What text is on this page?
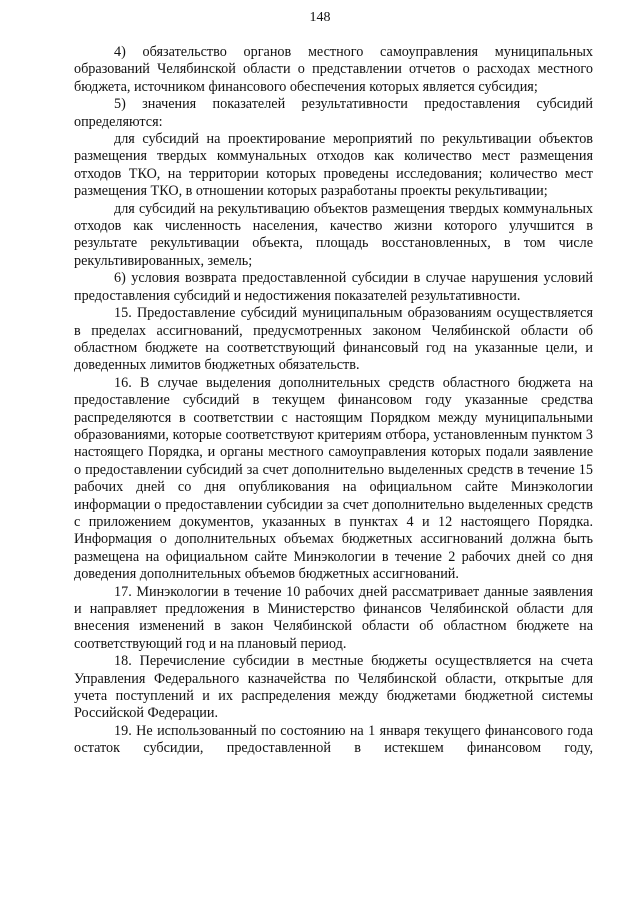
148

4) обязательство органов местного самоуправления муниципальных образований Челябинской области о представлении отчетов о расходах местного бюджета, источником финансового обеспечения которых является субсидия;

5) значения показателей результативности предоставления субсидий определяются:

для субсидий на проектирование мероприятий по рекультивации объектов размещения твердых коммунальных отходов как количество мест размещения отходов ТКО, на территории которых проведены исследования; количество мест размещения ТКО, в отношении которых разработаны проекты рекультивации;

для субсидий на рекультивацию объектов размещения твердых коммунальных отходов как численность населения, качество жизни которого улучшится в результате рекультивации объекта, площадь восстановленных, в том числе рекультивированных, земель;

6) условия возврата предоставленной субсидии в случае нарушения условий предоставления субсидий и недостижения показателей результативности.

15. Предоставление субсидий муниципальным образованиям осуществляется в пределах ассигнований, предусмотренных законом Челябинской области об областном бюджете на соответствующий финансовый год на указанные цели, и доведенных лимитов бюджетных обязательств.

16. В случае выделения дополнительных средств областного бюджета на предоставление субсидий в текущем финансовом году указанные средства распределяются в соответствии с настоящим Порядком между муниципальными образованиями, которые соответствуют критериям отбора, установленным пунктом 3 настоящего Порядка, и органы местного самоуправления которых подали заявление о предоставлении субсидий за счет дополнительно выделенных средств в течение 15 рабочих дней со дня опубликования на официальном сайте Минэкологии информации о предоставлении субсидии за счет дополнительно выделенных средств с приложением документов, указанных в пунктах 4 и 12 настоящего Порядка. Информация о дополнительных объемах бюджетных ассигнований должна быть размещена на официальном сайте Минэкологии в течение 2 рабочих дней со дня доведения дополнительных объемов бюджетных ассигнований.

17. Минэкологии в течение 10 рабочих дней рассматривает данные заявления и направляет предложения в Министерство финансов Челябинской области для внесения изменений в закон Челябинской области об областном бюджете на соответствующий год и на плановый период.

18. Перечисление субсидии в местные бюджеты осуществляется на счета Управления Федерального казначейства по Челябинской области, открытые для учета поступлений и их распределения между бюджетами бюджетной системы Российской Федерации.

19. Не использованный по состоянию на 1 января текущего финансового года остаток субсидии, предоставленной в истекшем финансовом году,
